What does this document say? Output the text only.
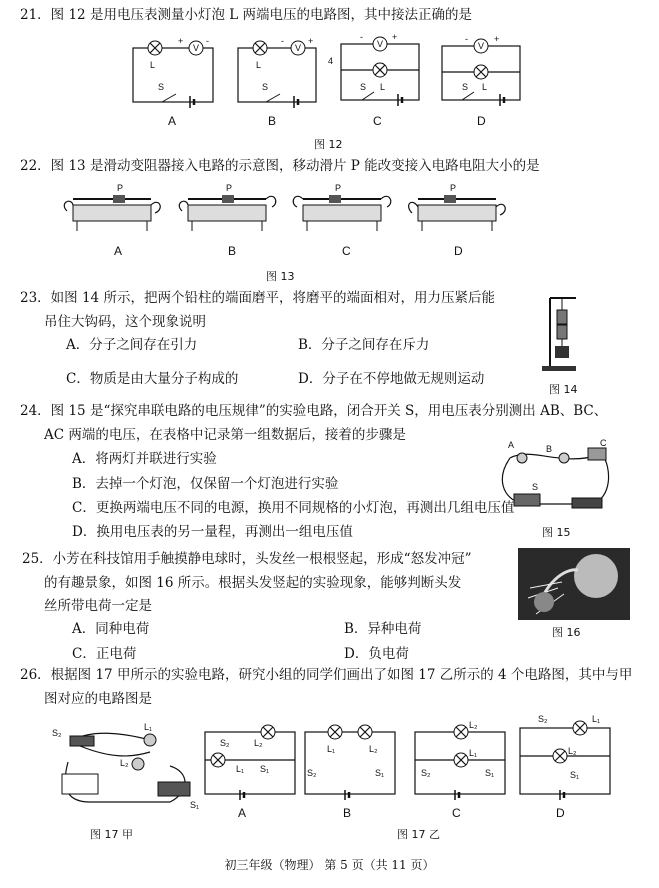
21．图 12 是用电压表测量小灯泡 L 两端电压的电路图，其中接法正确的是
V
+	-
L
S
V
-	+
L
S
V
-	+
4
S L
V
-	+
S L
A	B	C	D
图 12
22．图 13 是滑动变阻器接入电路的示意图，移动滑片 P 能改变接入电路电阻大小的是
P	P	P	P
A	B	C	D
图 13
23．如图 14 所示，把两个铅柱的端面磨平，将磨平的端面相对，用力压紧后能
吊住大钩码，这个现象说明
A．分子之间存在引力	B．分子之间存在斥力
C．物质是由大量分子构成的	D．分子在不停地做无规则运动
图 14
24．图 15 是“探究串联电路的电压规律”的实验电路，闭合开关 S，用电压表分别测出 AB、BC、
AC 两端的电压，在表格中记录第一组数据后，接着的步骤是
A．将两灯并联进行实验
B．去掉一个灯泡，仅保留一个灯泡进行实验
C．更换两端电压不同的电源，换用不同规格的小灯泡，再测出几组电压值
D．换用电压表的另一量程，再测出一组电压值
A	B
C
S
图 15
25．小芳在科技馆用手触摸静电球时，头发丝一根根竖起，形成“怒发冲冠”
的有趣景象，如图 16 所示。根据头发竖起的实验现象，能够判断头发
丝所带电荷一定是
A．同种电荷	B．异种电荷
C．正电荷	D．负电荷
图 16
26．根据图 17 甲所示的实验电路，研究小组的同学们画出了如图 17 乙所示的 4 个电路图，其中与甲
图对应的电路图是
S₂
L₁
L₂
S₁
图 17 甲
S₂	L₂
L₁ S₁
L₁	L₂
S₂	S₁
L₂
L₁
S₂	S₁
S₂	L₁
L₂
S₁
A	B	C	D
图 17 乙
初三年级（物理） 第 5 页（共 11 页）
